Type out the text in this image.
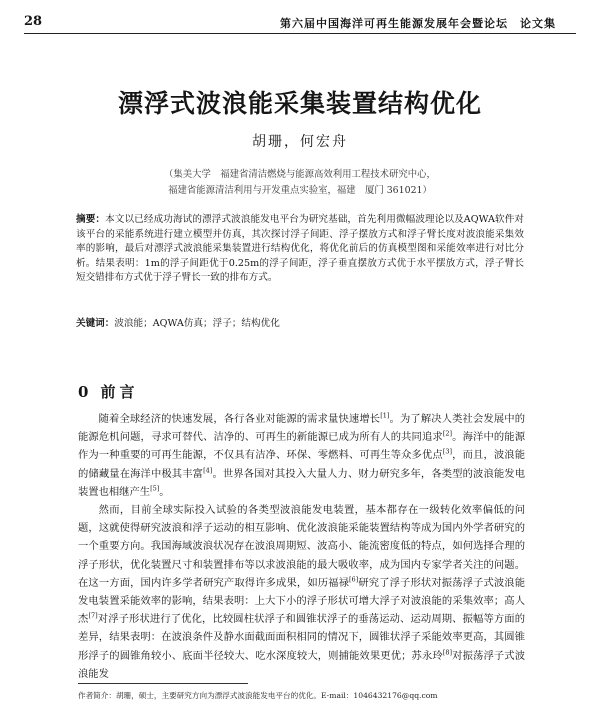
28	第六届中国海洋可再生能源发展年会暨论坛　论文集
漂浮式波浪能采集装置结构优化
胡珊，何宏舟
（集美大学　福建省清洁燃烧与能源高效利用工程技术研究中心，
福建省能源清洁利用与开发重点实验室，福建　厦门 361021）
摘要：本文以已经成功海试的漂浮式波浪能发电平台为研究基础，首先利用微幅波理论以及AQWA软件对该平台的采能系统进行建立模型并仿真，其次探讨浮子间距、浮子摆放方式和浮子臂长度对波浪能采集效率的影响，最后对漂浮式波浪能采集装置进行结构优化，将优化前后的仿真模型图和采能效率进行对比分析。结果表明：1m的浮子间距优于0.25m的浮子间距，浮子垂直摆放方式优于水平摆放方式，浮子臂长短交错排布方式优于浮子臂长一致的排布方式。
关键词：波浪能；AQWA仿真；浮子；结构优化
0 前言

随着全球经济的快速发展，各行各业对能源的需求量快速增长[1]。为了解决人类社会发展中的能源危机问题，寻求可替代、洁净的、可再生的新能源已成为所有人的共同追求[2]。海洋中的能源作为一种重要的可再生能源，不仅具有洁净、环保、零燃料、可再生等众多优点[3]，而且，波浪能的储藏量在海洋中极其丰富[4]。世界各国对其投入大量人力、财力研究多年，各类型的波浪能发电装置也相继产生[5]。

然而，目前全球实际投入试验的各类型波浪能发电装置，基本都存在一级转化效率偏低的问题，这就使得研究波浪和浮子运动的相互影响、优化波浪能采能装置结构等成为国内外学者研究的一个重要方向。我国海域波浪状况存在波浪周期短、波高小、能流密度低的特点，如何选择合理的浮子形状，优化装置尺寸和装置排布等以求波浪能的最大吸收率，成为国内专家学者关注的问题。在这一方面，国内许多学者研究产取得许多成果，如历福禄[6]研究了浮子形状对振荡浮子式波浪能发电装置采能效率的影响，结果表明：上大下小的浮子形状可增大浮子对波浪能的采集效率；高人杰[7]对浮子形状进行了优化，比较圆柱状浮子和圆锥状浮子的垂荡运动、运动周期、振幅等方面的差异，结果表明：在波浪条件及静水面截面面积相同的情况下，圆锥状浮子采能效率更高，其圆锥形浮子的圆锥角较小、底面半径较大、吃水深度较大，则捕能效果更优；苏永玲[8]对振荡浮子式波浪能发

作者简介：胡珊，硕士，主要研究方向为漂浮式波浪能发电平台的优化。E-mail：1046432176@qq.com
